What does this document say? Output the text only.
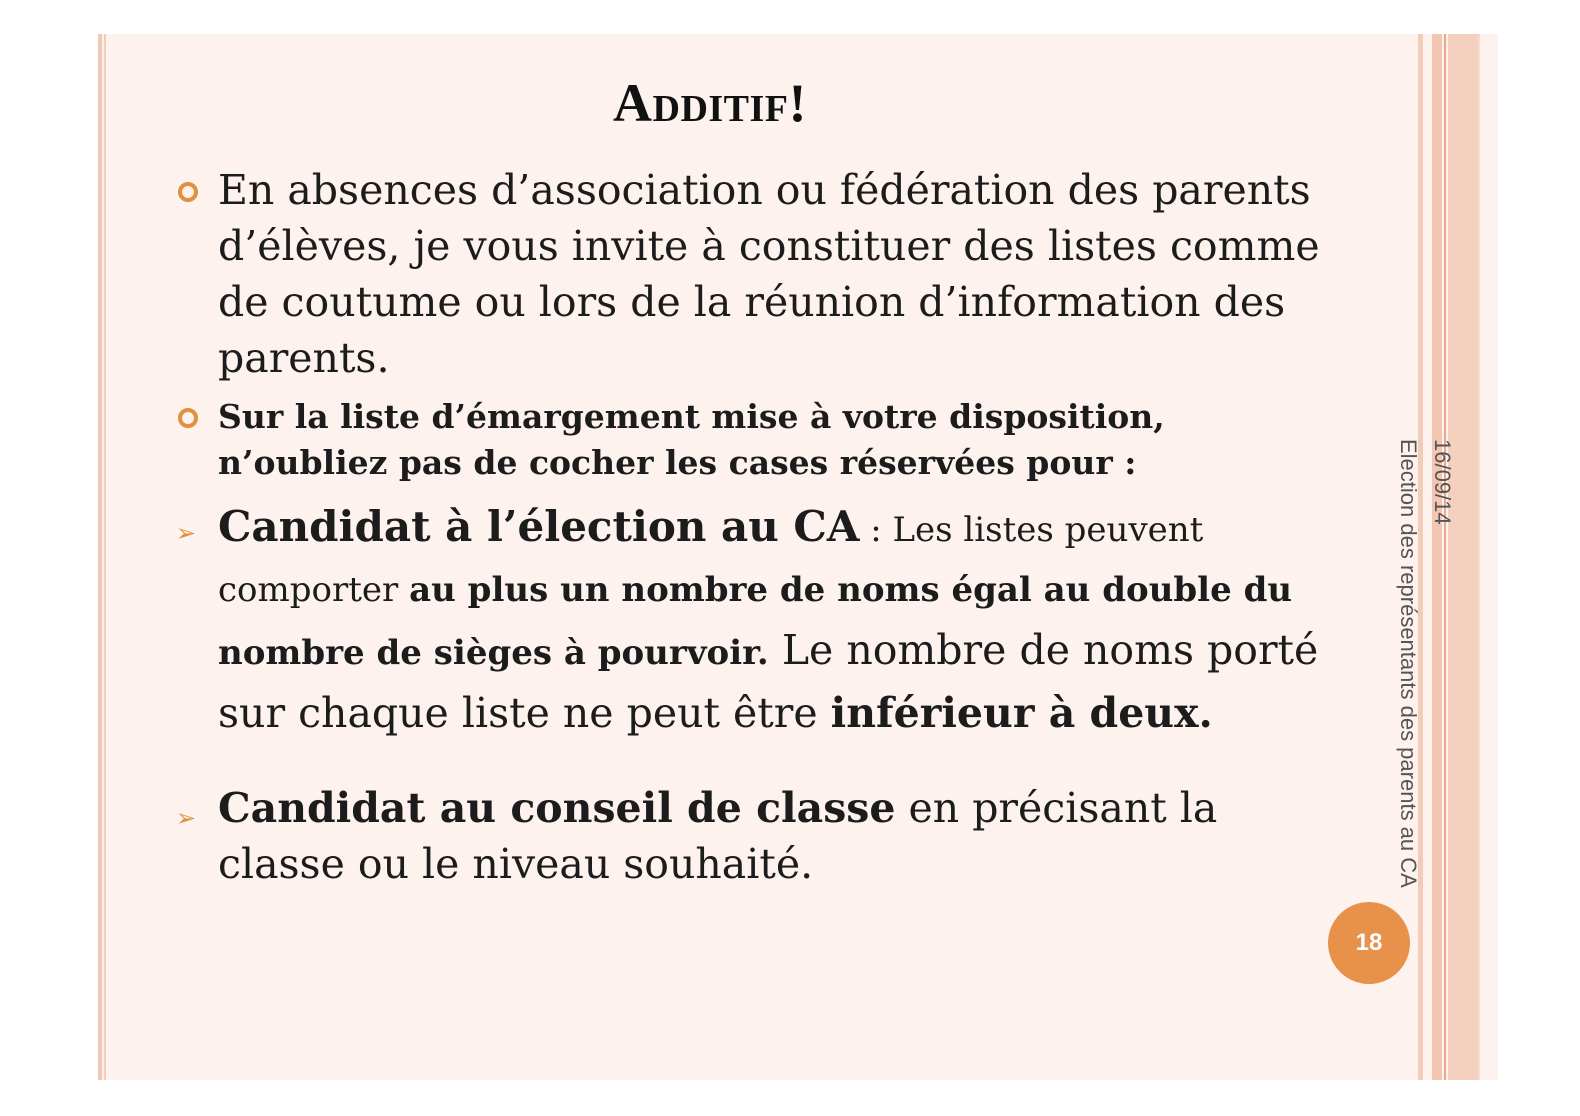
Additif!
En absences d’association ou fédération des parents d’élèves, je vous invite à constituer des listes comme de coutume ou lors de la réunion d’information des parents.
Sur la liste d’émargement mise à votre disposition, n’oubliez pas de cocher les cases réservées pour :
➢ Candidat à l’élection au CA : Les listes peuvent comporter au plus un nombre de noms égal au double du nombre de sièges à pourvoir. Le nombre de noms porté sur chaque liste ne peut être inférieur à deux.
➢ Candidat au conseil de classe en précisant la classe ou le niveau souhaité.
16/09/14
Election des représentants des parents au CA
18
